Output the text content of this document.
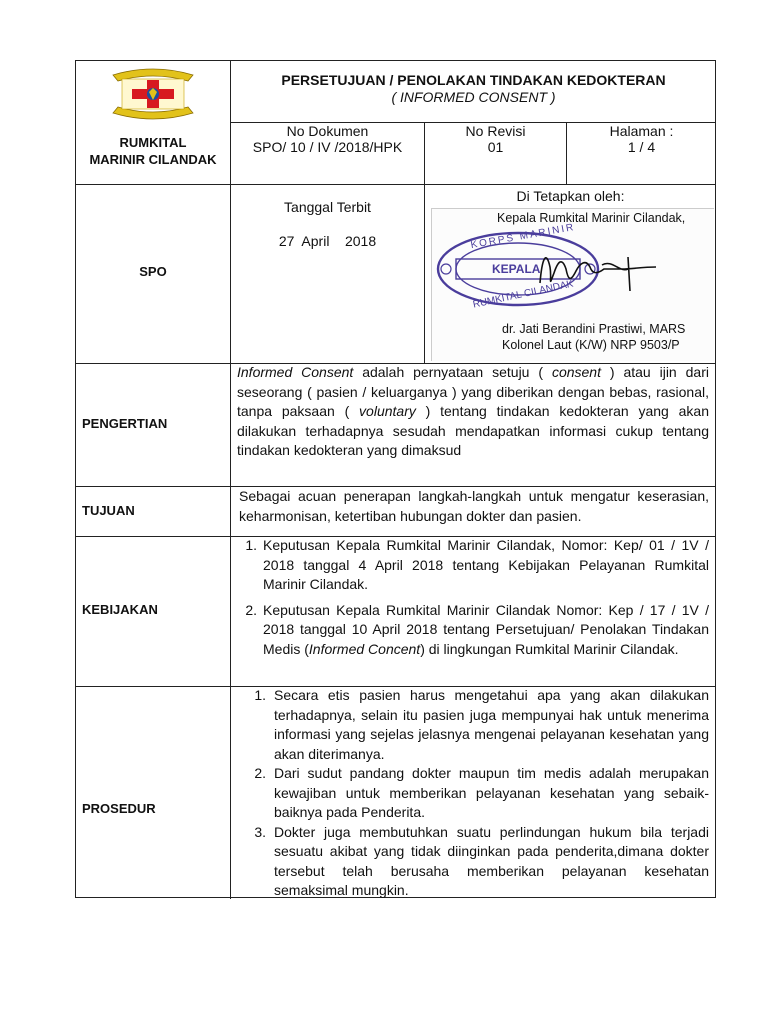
RUMKITAL
MARINIR CILANDAK
PERSETUJUAN / PENOLAKAN TINDAKAN KEDOKTERAN
( INFORMED CONSENT )
No Dokumen
SPO/ 10 / IV /2018/HPK
No Revisi
01
Halaman :
1 / 4
SPO
Tanggal Terbit
27  April    2018
Di Tetapkan oleh:
Kepala Rumkital Marinir Cilandak,
KORPS MARINIR
KEPALA
RUMKITAL CILANDAK
dr. Jati Berandini Prastiwi, MARS
Kolonel Laut (K/W) NRP 9503/P
PENGERTIAN
Informed Consent adalah pernyataan setuju ( consent ) atau ijin dari seseorang ( pasien / keluarganya ) yang diberikan dengan bebas, rasional, tanpa paksaan ( voluntary ) tentang tindakan kedokteran yang akan dilakukan terhadapnya sesudah mendapatkan informasi cukup tentang tindakan kedokteran yang dimaksud
TUJUAN
Sebagai acuan penerapan langkah-langkah untuk mengatur keserasian, keharmonisan, ketertiban hubungan dokter dan pasien.
KEBIJAKAN
1. Keputusan Kepala Rumkital Marinir Cilandak, Nomor: Kep/ 01 / 1V / 2018 tanggal 4 April 2018 tentang Kebijakan Pelayanan Rumkital Marinir Cilandak.
2. Keputusan Kepala Rumkital Marinir Cilandak Nomor: Kep / 17 / 1V / 2018 tanggal 10 April 2018 tentang Persetujuan/ Penolakan Tindakan Medis (Informed Concent) di lingkungan Rumkital Marinir Cilandak.
PROSEDUR
1. Secara etis pasien harus mengetahui apa yang akan dilakukan terhadapnya, selain itu pasien juga mempunyai hak untuk menerima informasi yang sejelas jelasnya mengenai pelayanan kesehatan yang akan diterimanya.
2. Dari sudut pandang dokter maupun tim medis adalah merupakan kewajiban untuk memberikan pelayanan kesehatan yang sebaik-baiknya pada Penderita.
3. Dokter juga membutuhkan suatu perlindungan hukum bila terjadi sesuatu akibat yang tidak diinginkan pada penderita,dimana dokter tersebut telah berusaha memberikan pelayanan kesehatan semaksimal mungkin.
